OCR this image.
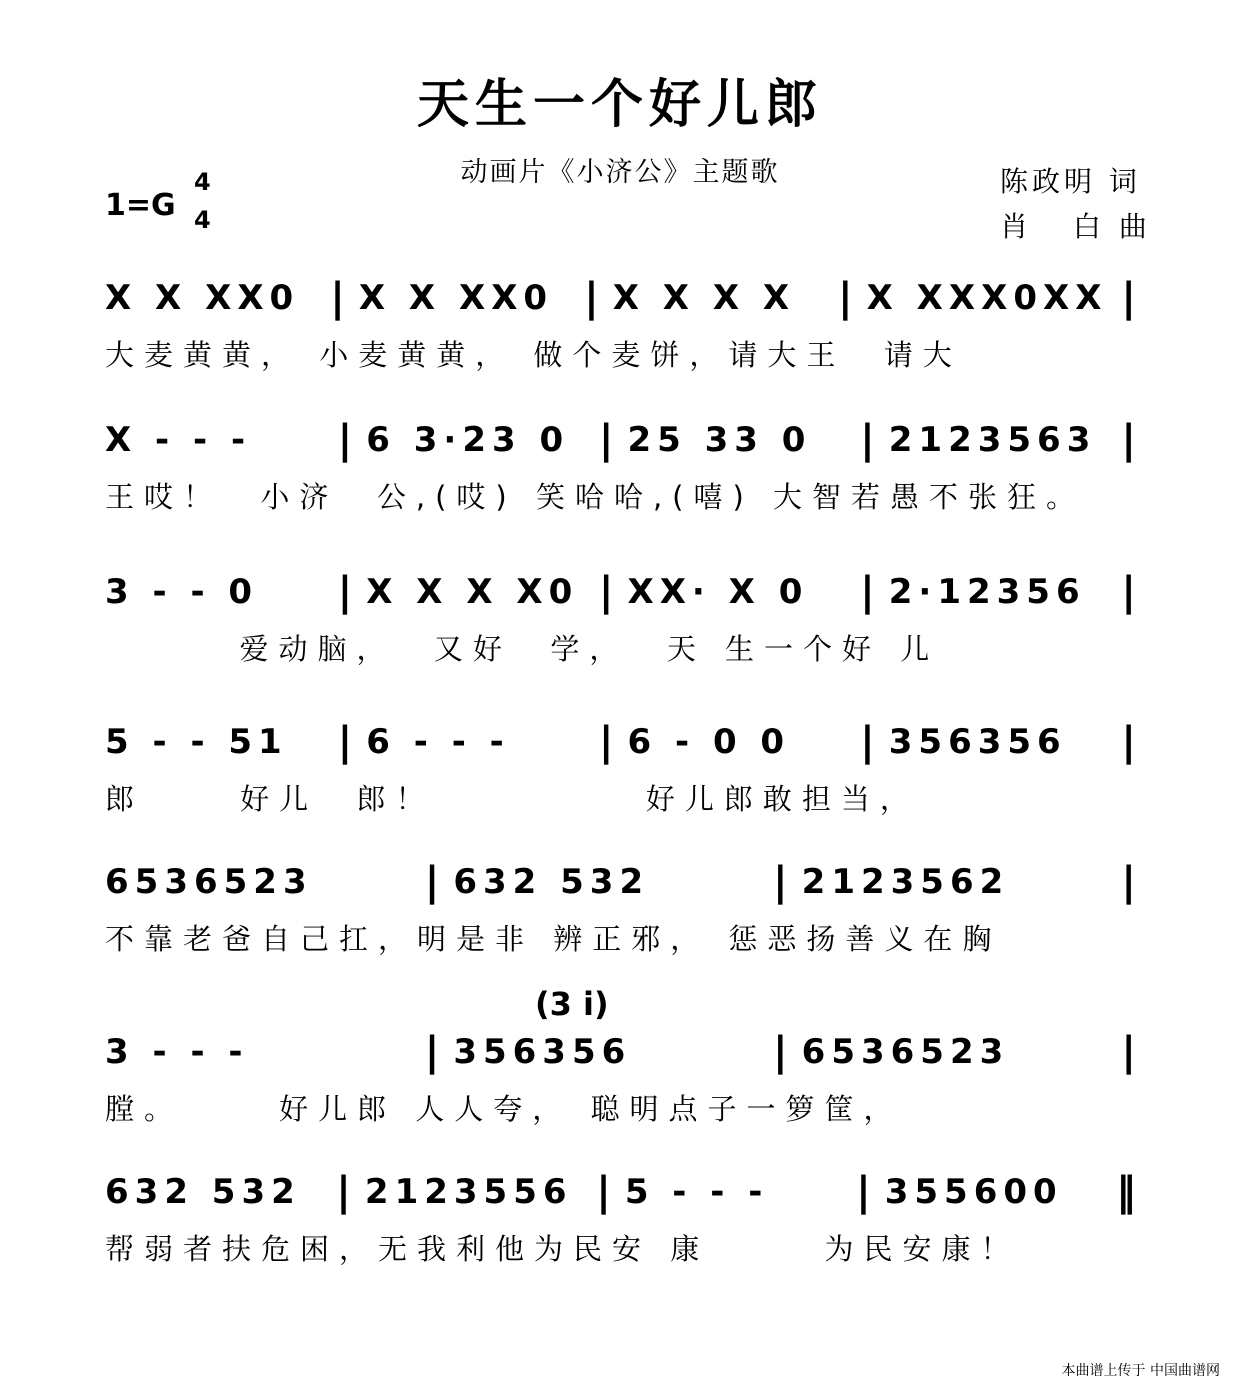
天生一个好儿郎
动画片《小济公》主题歌	陈政明 词
肖 白曲
1=G
4
4
X X XX0 | X X XX0 | X X X X	| X XXX0XX |
大麦黄黄， 小麦黄黄， 做个麦饼，请大王  请大
X - - -	| 6 3·23 0 | 25 33 0	| 2123563 |
王哎！  小济  公,(哎) 笑哈哈,(嘻) 大智若愚不张狂。
3 - - 0	| X X X X0 | XX· X 0	| 2·12356 |
爱动脑，  又好  学，  天 生一个好 儿
5 - - 51	| 6 - - -	| 6 - 0 0	| 356356	|
郎     好儿  郎！           好儿郎敢担当，
6536523	| 632 532	| 2123562	|
不靠老爸自己扛，明是非 辨正邪， 惩恶扬善义在胸
3 - - -	| 356356	| 6536523	|
膛。     好儿郎 人人夸， 聪明点子一箩筐，
632 532 | 2123556 | 5 - - -	| 355600	‖
帮弱者扶危困，无我利他为民安 康      为民安康！
(3 i)
本曲谱上传于 中国曲谱网
